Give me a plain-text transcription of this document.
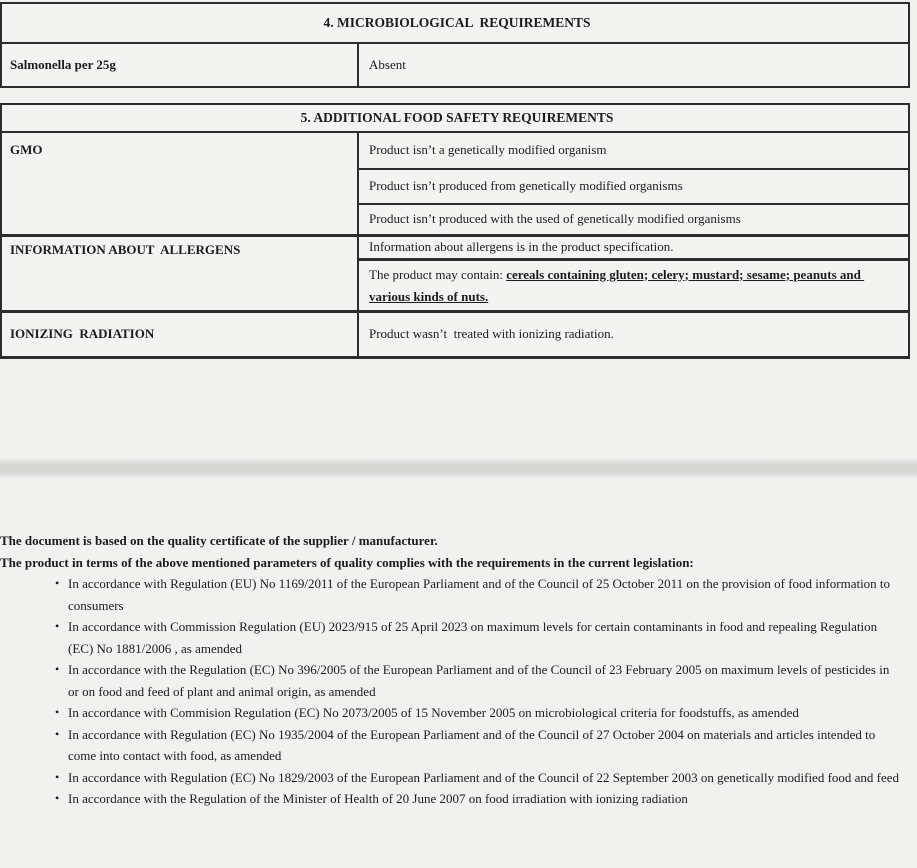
4. MICROBIOLOGICAL  REQUIREMENTS
Salmonella per 25g	Absent
5. ADDITIONAL FOOD SAFETY REQUIREMENTS	
GMO	Product isn’t a genetically modified organism
	Product isn’t produced from genetically modified organisms
	Product isn’t produced with the used of genetically modified organisms
INFORMATION ABOUT  ALLERGENS	Information about allergens is in the product specification.
	The product may contain: cereals containing gluten; celery; mustard; sesame; peanuts and various kinds of nuts.
IONIZING  RADIATION	Product wasn’t  treated with ionizing radiation.

The document is based on the quality certificate of the supplier / manufacturer.

The product in terms of the above mentioned parameters of quality complies with the requirements in the current legislation:

• In accordance with Regulation (EU) No 1169/2011 of the European Parliament and of the Council of 25 October 2011 on the provision of food information to consumers
• In accordance with Commission Regulation (EU) 2023/915 of 25 April 2023 on maximum levels for certain contaminants in food and repealing Regulation (EC) No 1881/2006 , as amended
• In accordance with the Regulation (EC) No 396/2005 of the European Parliament and of the Council of 23 February 2005 on maximum levels of pesticides in or on food and feed of plant and animal origin, as amended
• In accordance with Commision Regulation (EC) No 2073/2005 of 15 November 2005 on microbiological criteria for foodstuffs, as amended
• In accordance with Regulation (EC) No 1935/2004 of the European Parliament and of the Council of 27 October 2004 on materials and articles intended to come into contact with food, as amended
• In accordance with Regulation (EC) No 1829/2003 of the European Parliament and of the Council of 22 September 2003 on genetically modified food and feed
• In accordance with the Regulation of the Minister of Health of 20 June 2007 on food irradiation with ionizing radiation
